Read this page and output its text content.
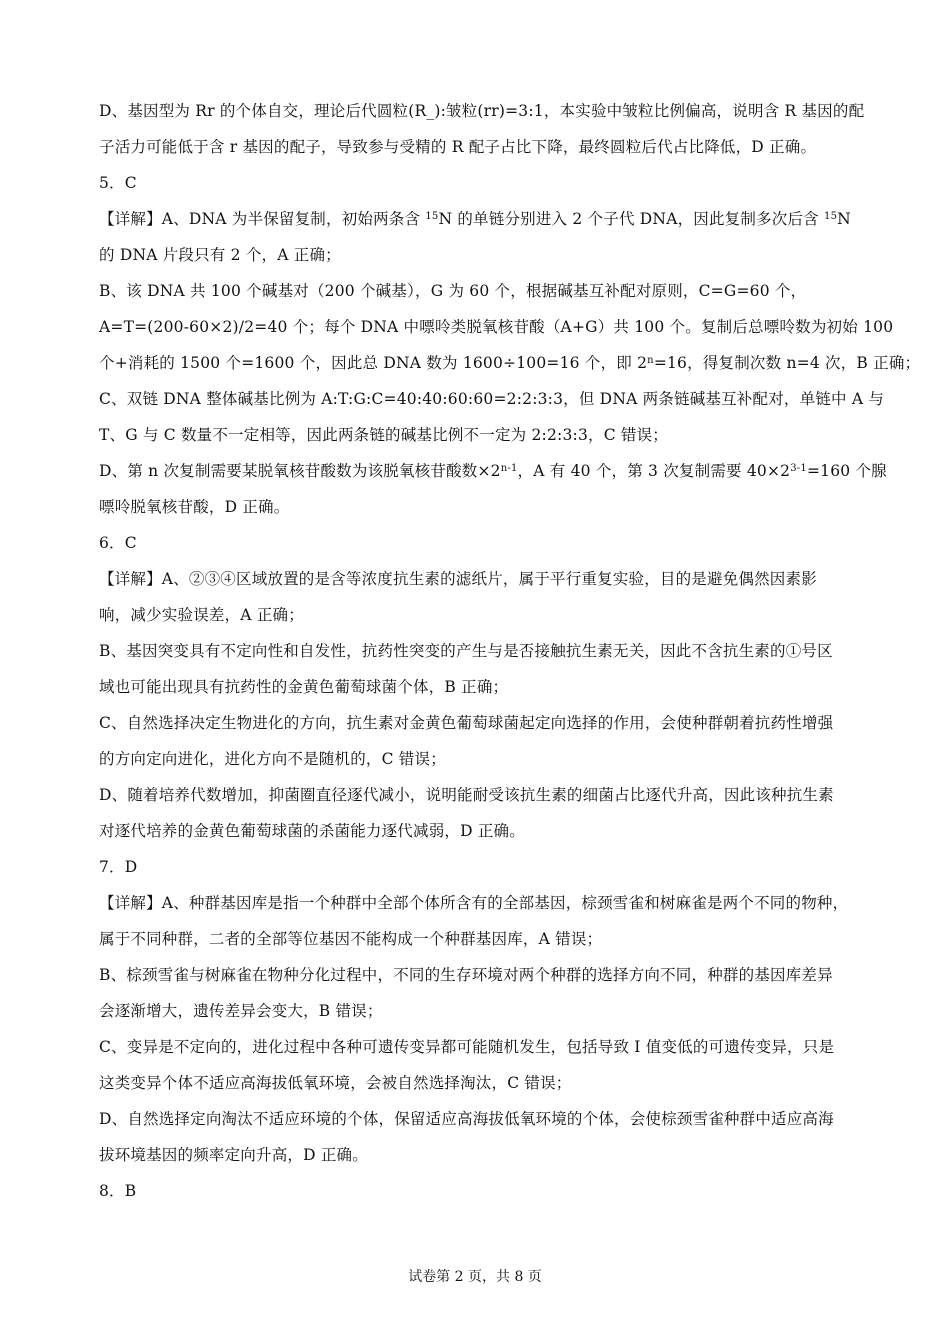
D、基因型为 Rr 的个体自交，理论后代圆粒(R_):皱粒(rr)=3:1，本实验中皱粒比例偏高，说明含 R 基因的配
子活力可能低于含 r 基因的配子，导致参与受精的 R 配子占比下降，最终圆粒后代占比降低，D 正确。
5．C
【详解】A、DNA 为半保留复制，初始两条含 $^{15}$N 的单链分别进入 2 个子代 DNA，因此复制多次后含 $^{15}$N
的 DNA 片段只有 2 个，A 正确；
B、该 DNA 共 100 个碱基对（200 个碱基），G 为 60 个，根据碱基互补配对原则，C=G=60 个，
A=T=(200-60×2)/2=40 个；每个 DNA 中嘌呤类脱氧核苷酸（A+G）共 100 个。复制后总嘌呤数为初始 100
个+消耗的 1500 个=1600 个，因此总 DNA 数为 1600÷100=16 个，即 $2^n=16$，得复制次数 n=4 次，B 正确；
C、双链 DNA 整体碱基比例为 A:T:G:C=40:40:60:60=2:2:3:3，但 DNA 两条链碱基互补配对，单链中 A 与
T、G 与 C 数量不一定相等，因此两条链的碱基比例不一定为 2:2:3:3，C 错误；
D、第 n 次复制需要某脱氧核苷酸数为该脱氧核苷酸数$\times 2^{n-1}$，A 有 40 个，第 3 次复制需要 $40\times 2^{3-1}=160$ 个腺
嘌呤脱氧核苷酸，D 正确。
6．C
【详解】A、②③④区域放置的是含等浓度抗生素的滤纸片，属于平行重复实验，目的是避免偶然因素影
响，减少实验误差，A 正确；
B、基因突变具有不定向性和自发性，抗药性突变的产生与是否接触抗生素无关，因此不含抗生素的①号区
域也可能出现具有抗药性的金黄色葡萄球菌个体，B 正确；
C、自然选择决定生物进化的方向，抗生素对金黄色葡萄球菌起定向选择的作用，会使种群朝着抗药性增强
的方向定向进化，进化方向不是随机的，C 错误；
D、随着培养代数增加，抑菌圈直径逐代减小，说明能耐受该抗生素的细菌占比逐代升高，因此该种抗生素
对逐代培养的金黄色葡萄球菌的杀菌能力逐代减弱，D 正确。
7．D
【详解】A、种群基因库是指一个种群中全部个体所含有的全部基因，棕颈雪雀和树麻雀是两个不同的物种，
属于不同种群，二者的全部等位基因不能构成一个种群基因库，A 错误；
B、棕颈雪雀与树麻雀在物种分化过程中，不同的生存环境对两个种群的选择方向不同，种群的基因库差异
会逐渐增大，遗传差异会变大，B 错误；
C、变异是不定向的，进化过程中各种可遗传变异都可能随机发生，包括导致 I 值变低的可遗传变异，只是
这类变异个体不适应高海拔低氧环境，会被自然选择淘汰，C 错误；
D、自然选择定向淘汰不适应环境的个体，保留适应高海拔低氧环境的个体，会使棕颈雪雀种群中适应高海
拔环境基因的频率定向升高，D 正确。
8．B
试卷第 2 页，共 8 页
